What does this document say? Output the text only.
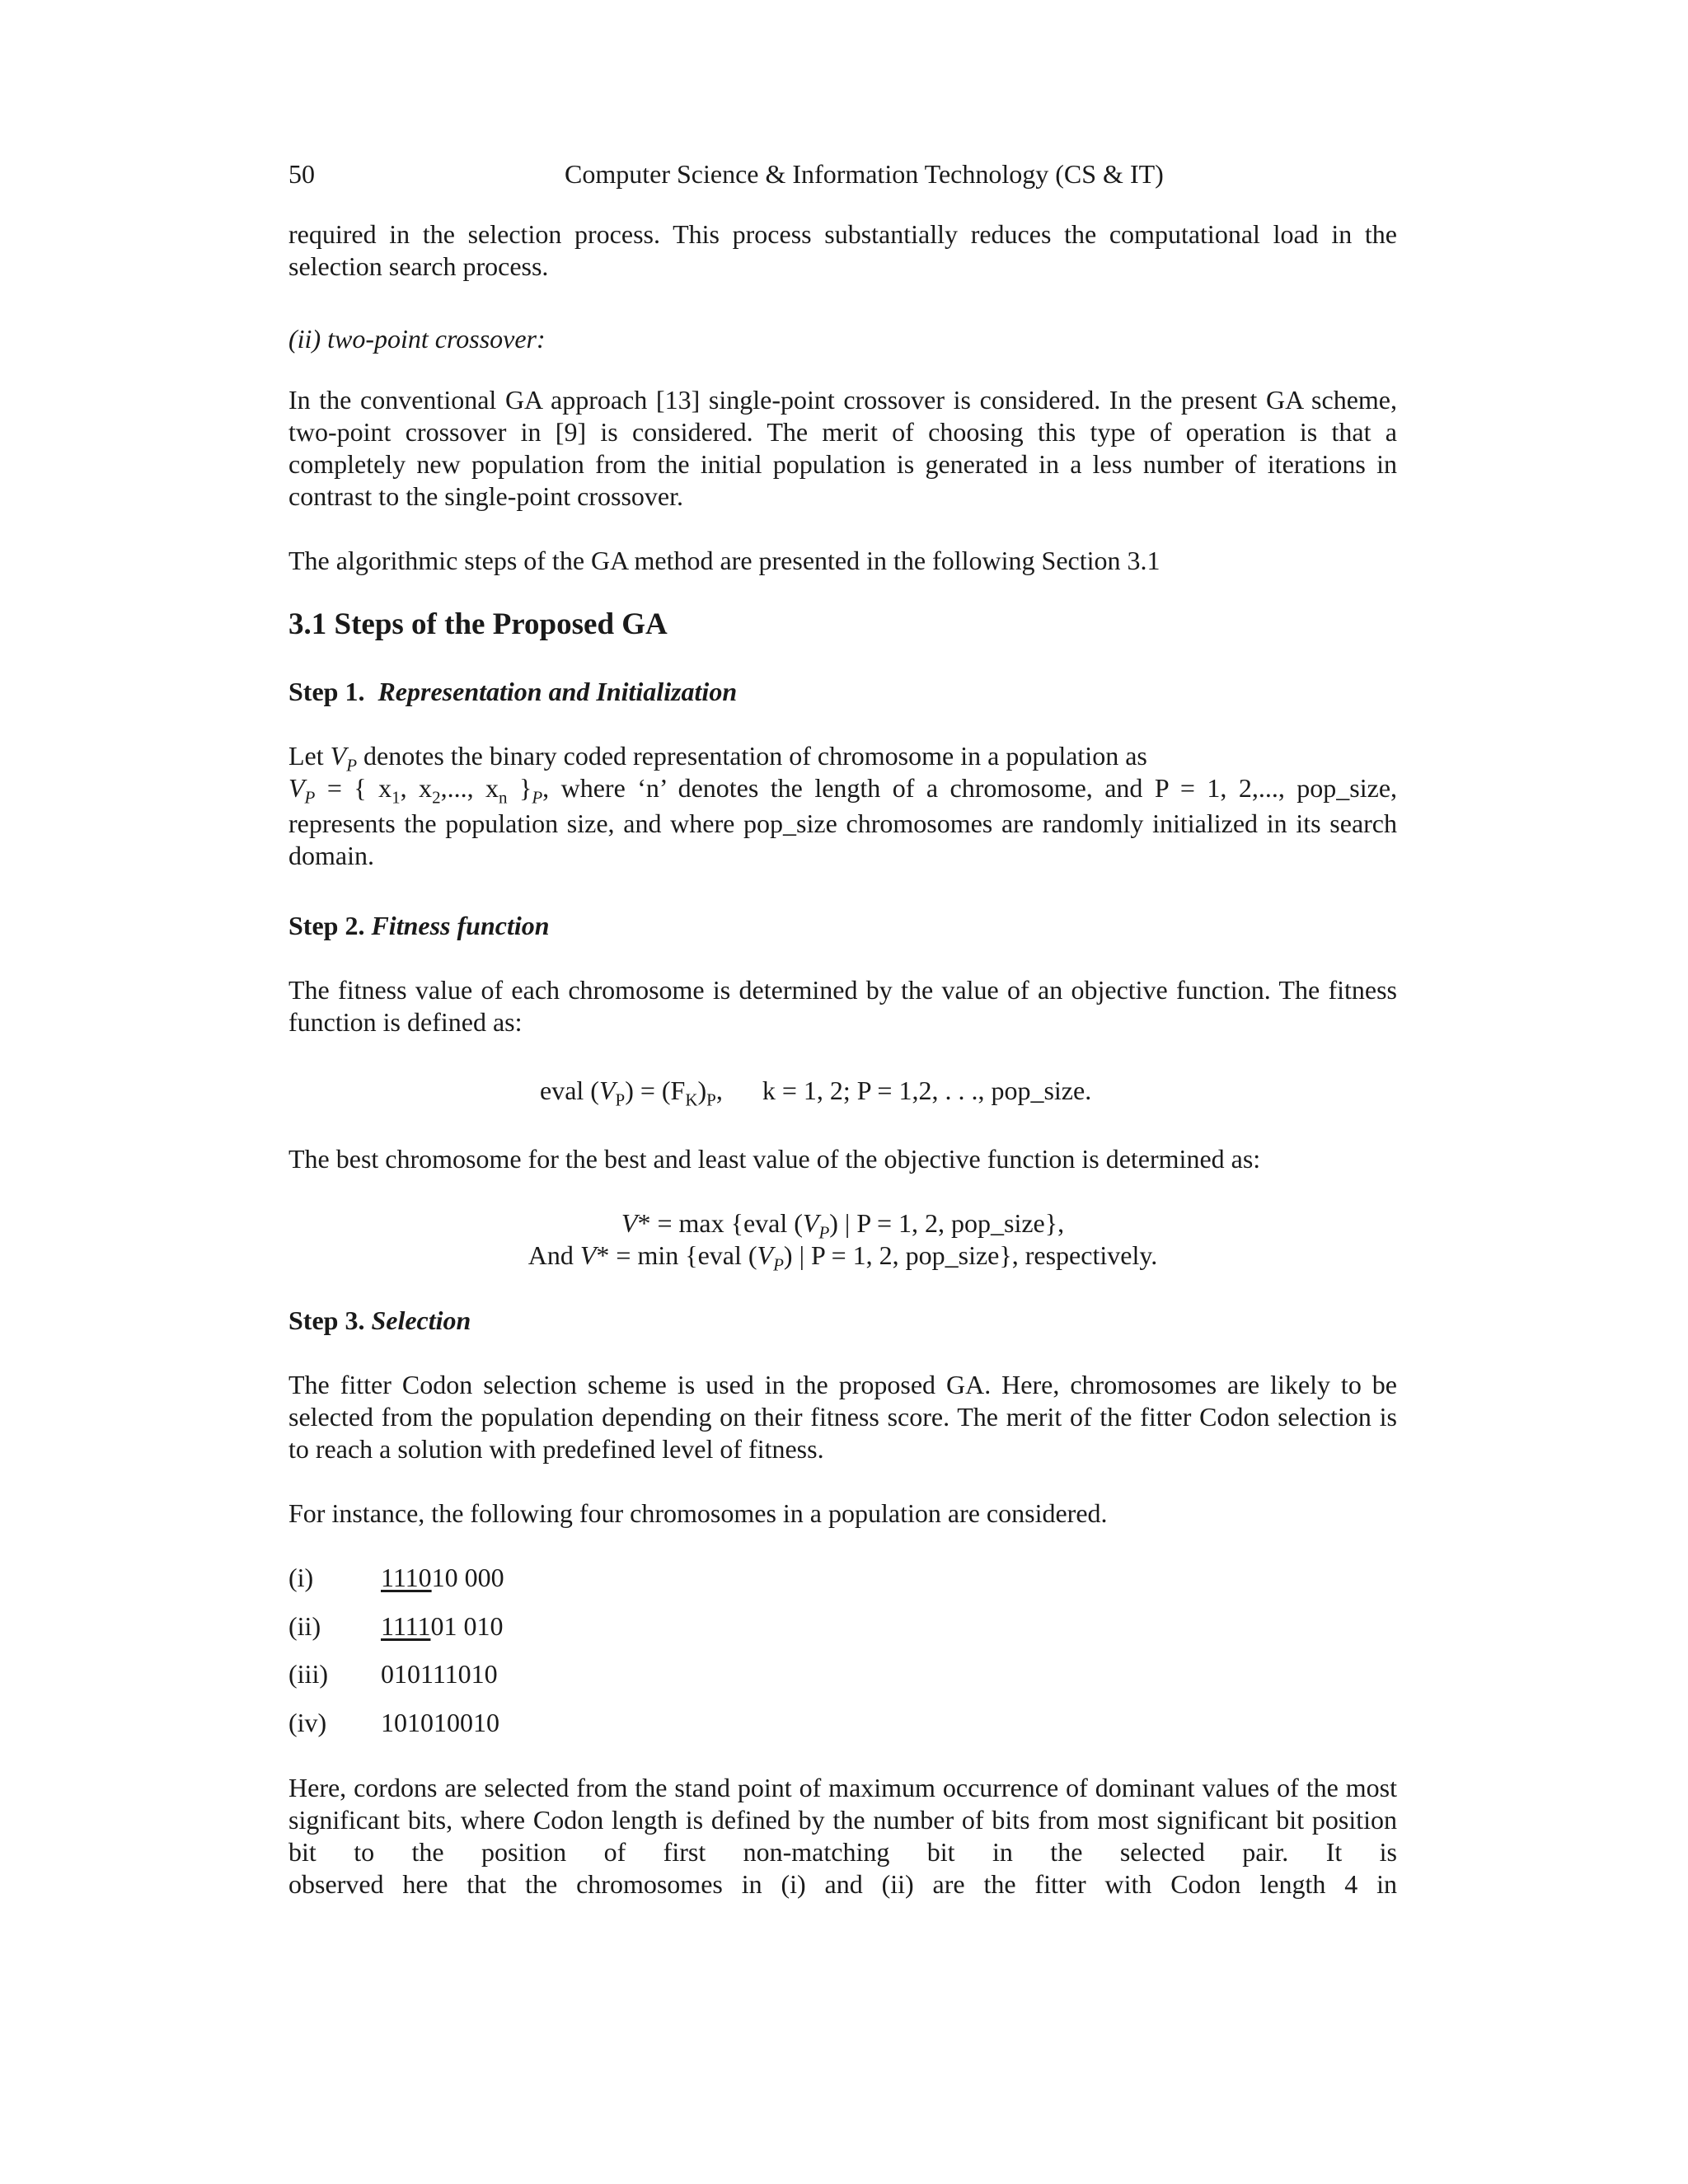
50	Computer Science & Information Technology (CS & IT)
required in the selection process. This process substantially reduces the computational load in the
selection search process.
(ii) two-point crossover:
In the conventional GA approach [13] single-point crossover is considered. In the present GA scheme, two-point crossover in [9] is considered. The merit of choosing this type of operation is that a completely new population from the initial population is generated in a less number of iterations in contrast to the single-point crossover.
The algorithmic steps of the GA method are presented in the following Section 3.1
3.1 Steps of the Proposed GA
Step 1. Representation and Initialization
Let $V_P$ denotes the binary coded representation of chromosome in a population as
$V_P$ = { $x_1$, $x_2$,..., $x_n$ }$_P$, where ‘n’ denotes the length of a chromosome, and P = 1, 2,..., pop_size,
represents the population size, and where pop_size chromosomes are randomly initialized in its search domain.
Step 2. Fitness function
The fitness value of each chromosome is determined by the value of an objective function. The fitness function is defined as:
eval $(V_P) = (F_K)_P$, k = 1, 2; P = 1,2, . . ., pop_size.
The best chromosome for the best and least value of the objective function is determined as:
V* = max {eval $(V_P)$ | P = 1, 2, pop_size},
And V* = min {eval $(V_P)$ | P = 1, 2, pop_size}, respectively.
Step 3. Selection
The fitter Codon selection scheme is used in the proposed GA. Here, chromosomes are likely to be selected from the population depending on their fitness score. The merit of the fitter Codon selection is to reach a solution with predefined level of fitness.
For instance, the following four chromosomes in a population are considered.
(i)	111010 000
(ii) 111101 010
(iii) 010111010
(iv) 101010010
Here, cordons are selected from the stand point of maximum occurrence of dominant values of the most significant bits, where Codon length is defined by the number of bits from most significant bit position bit to the position of first non-matching bit in the selected pair. It is
observed here that the chromosomes in (i) and (ii) are the fitter with Codon length 4 in
